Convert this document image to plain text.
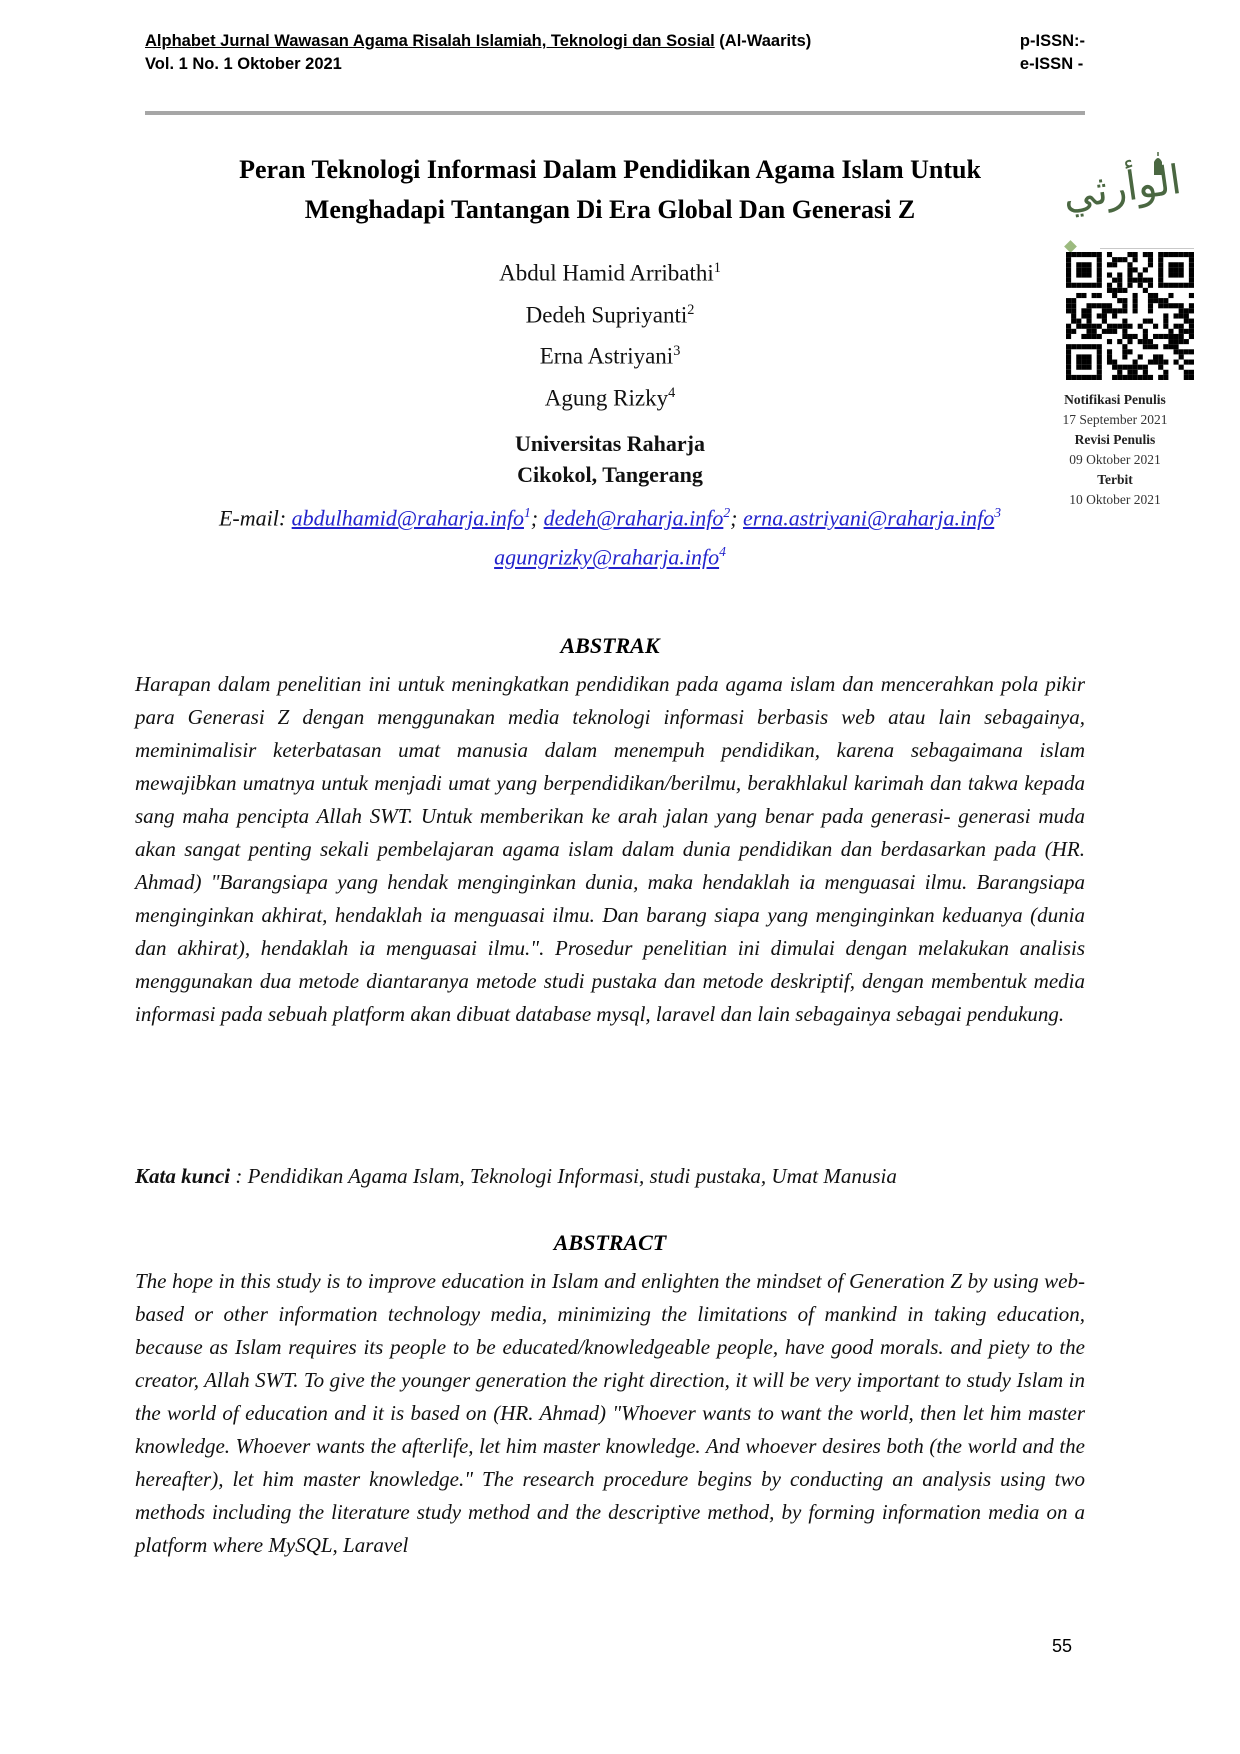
Alphabet Jurnal Wawasan Agama Risalah Islamiah, Teknologi dan Sosial (Al-Waarits)
Vol. 1 No. 1 Oktober 2021
p-ISSN:-
e-ISSN -
الوأرثي
Notifikasi Penulis
17 September 2021
Revisi Penulis
09 Oktober 2021
Terbit
10 Oktober 2021
Peran Teknologi Informasi Dalam Pendidikan Agama Islam Untuk Menghadapi Tantangan Di Era Global Dan Generasi Z
Abdul Hamid Arribathi$^1$
Dedeh Supriyanti$^2$
Erna Astriyani$^3$
Agung Rizky$^4$
Universitas Raharja
Cikokol, Tangerang
E-mail: abdulhamid@raharja.info$^1$; dedeh@raharja.info$^2$; erna.astriyani@raharja.info$^3$
agungrizky@raharja.info$^4$
ABSTRAK

Harapan dalam penelitian ini untuk meningkatkan pendidikan pada agama islam dan mencerahkan pola pikir para Generasi Z dengan menggunakan media teknologi informasi berbasis web atau lain sebagainya, meminimalisir keterbatasan umat manusia dalam menempuh pendidikan, karena sebagaimana islam mewajibkan umatnya untuk menjadi umat yang berpendidikan/berilmu, berakhlakul karimah dan takwa kepada sang maha pencipta Allah SWT. Untuk memberikan ke arah jalan yang benar pada generasi- generasi muda akan sangat penting sekali pembelajaran agama islam dalam dunia pendidikan dan berdasarkan pada (HR. Ahmad) "Barangsiapa yang hendak menginginkan dunia, maka hendaklah ia menguasai ilmu. Barangsiapa menginginkan akhirat, hendaklah ia menguasai ilmu. Dan barang siapa yang menginginkan keduanya (dunia dan akhirat), hendaklah ia menguasai ilmu.". Prosedur penelitian ini dimulai dengan melakukan analisis menggunakan dua metode diantaranya metode studi pustaka dan metode deskriptif, dengan membentuk media informasi pada sebuah platform akan dibuat database mysql, laravel dan lain sebagainya sebagai pendukung.

Kata kunci : Pendidikan Agama Islam, Teknologi Informasi, studi pustaka, Umat Manusia
ABSTRACT

The hope in this study is to improve education in Islam and enlighten the mindset of Generation Z by using web-based or other information technology media, minimizing the limitations of mankind in taking education, because as Islam requires its people to be educated/knowledgeable people, have good morals. and piety to the creator, Allah SWT. To give the younger generation the right direction, it will be very important to study Islam in the world of education and it is based on (HR. Ahmad) "Whoever wants to want the world, then let him master knowledge. Whoever wants the afterlife, let him master knowledge. And whoever desires both (the world and the hereafter), let him master knowledge." The research procedure begins by conducting an analysis using two methods including the literature study method and the descriptive method, by forming information media on a platform where MySQL, Laravel

55
